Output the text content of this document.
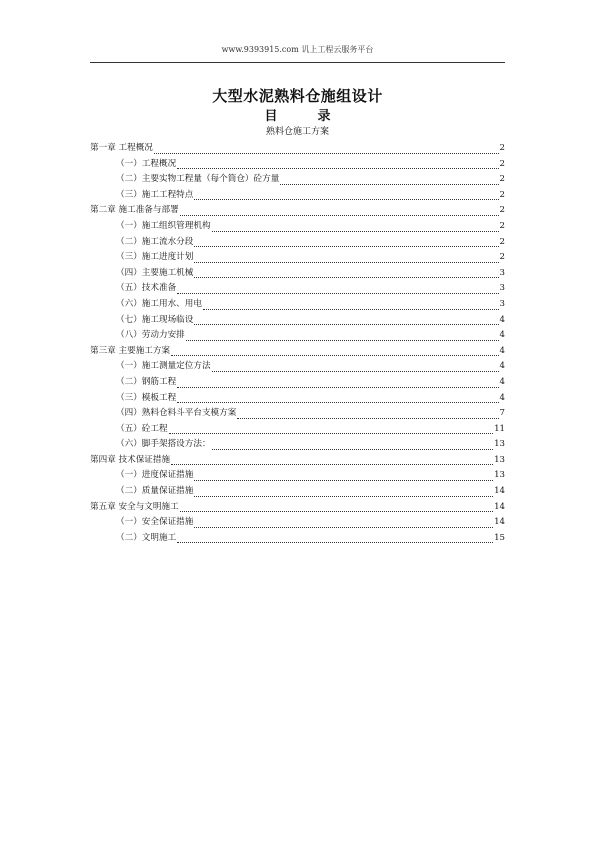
www.9393915.com 讥上工程云服务平台
大型水泥熟料仓施组设计
目	录
熟料仓施工方案
第一章 工程概况	2
（一）工程概况	2
（二）主要实物工程量（每个筒仓）砼方量	2
（三）施工工程特点	2
第二章 施工准备与部署	2
（一）施工组织管理机构	2
（二）施工流水分段	2
（三）施工进度计划	2
（四）主要施工机械	3
（五）技术准备	3
（六）施工用水、用电	3
（七）施工现场临设	4
（八）劳动力安排	4
第三章 主要施工方案	4
（一）施工测量定位方法	4
（二）钢筋工程	4
（三）模板工程	4
（四）熟料仓料斗平台支模方案	7
（五）砼工程	11
（六）脚手架搭设方法：	13
第四章 技术保证措施	13
（一）进度保证措施	13
（二）质量保证措施	14
第五章 安全与文明施工	14
（一）安全保证措施	14
（二）文明施工	15
